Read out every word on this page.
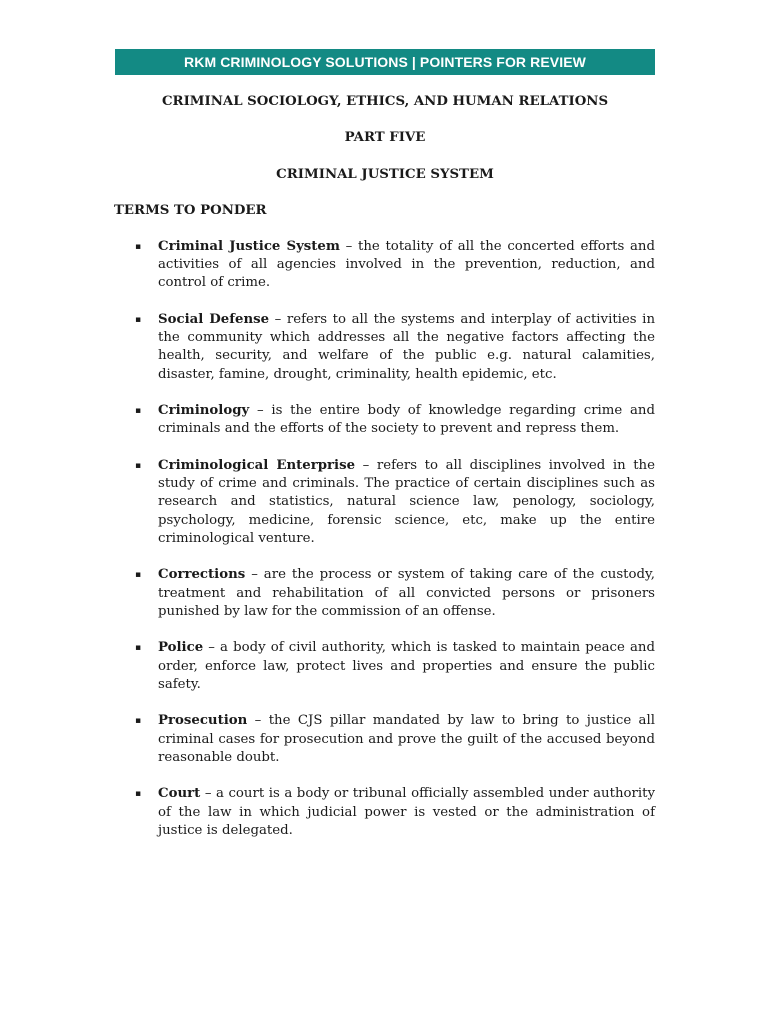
RKM CRIMINOLOGY SOLUTIONS | POINTERS FOR REVIEW
CRIMINAL SOCIOLOGY, ETHICS, AND HUMAN RELATIONS
PART FIVE
CRIMINAL JUSTICE SYSTEM
TERMS TO PONDER
▪ Criminal Justice System – the totality of all the concerted efforts and activities of all agencies involved in the prevention, reduction, and control of crime.
▪ Social Defense – refers to all the systems and interplay of activities in the community which addresses all the negative factors affecting the health, security, and welfare of the public e.g. natural calamities, disaster, famine, drought, criminality, health epidemic, etc.
▪ Criminology – is the entire body of knowledge regarding crime and criminals and the efforts of the society to prevent and repress them.
▪ Criminological Enterprise – refers to all disciplines involved in the study of crime and criminals. The practice of certain disciplines such as research and statistics, natural science law, penology, sociology, psychology, medicine, forensic science, etc, make up the entire criminological venture.
▪ Corrections – are the process or system of taking care of the custody, treatment and rehabilitation of all convicted persons or prisoners punished by law for the commission of an offense.
▪ Police – a body of civil authority, which is tasked to maintain peace and order, enforce law, protect lives and properties and ensure the public safety.
▪ Prosecution – the CJS pillar mandated by law to bring to justice all criminal cases for prosecution and prove the guilt of the accused beyond reasonable doubt.
▪ Court – a court is a body or tribunal officially assembled under authority of the law in which judicial power is vested or the administration of justice is delegated.
